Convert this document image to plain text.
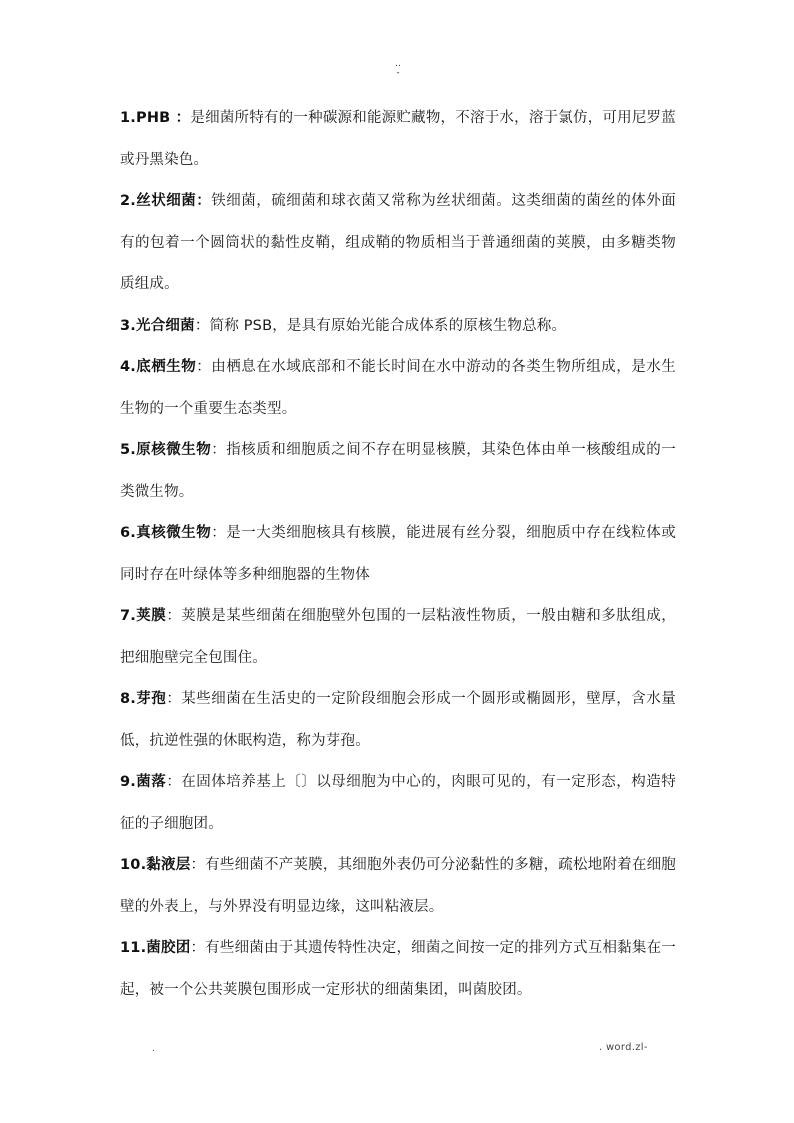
..
-
1.PHB ：是细菌所特有的一种碳源和能源贮藏物，不溶于水，溶于氯仿，可用尼罗蓝或丹黑染色。
2.丝状细菌：铁细菌，硫细菌和球衣菌又常称为丝状细菌。这类细菌的菌丝的体外面有的包着一个圆筒状的黏性皮鞘，组成鞘的物质相当于普通细菌的荚膜，由多糖类物质组成。
3.光合细菌：简称 PSB，是具有原始光能合成体系的原核生物总称。
4.底栖生物：由栖息在水域底部和不能长时间在水中游动的各类生物所组成，是水生生物的一个重要生态类型。
5.原核微生物：指核质和细胞质之间不存在明显核膜，其染色体由单一核酸组成的一类微生物。
6.真核微生物：是一大类细胞核具有核膜，能进展有丝分裂，细胞质中存在线粒体或同时存在叶绿体等多种细胞器的生物体
7.荚膜：荚膜是某些细菌在细胞壁外包围的一层粘液性物质，一般由糖和多肽组成，把细胞壁完全包围住。
8.芽孢：某些细菌在生活史的一定阶段细胞会形成一个圆形或椭圆形，壁厚，含水量低，抗逆性强的休眠构造，称为芽孢。
9.菌落：在固体培养基上〔〕以母细胞为中心的，肉眼可见的，有一定形态，构造特征的子细胞团。
10.黏液层：有些细菌不产荚膜，其细胞外表仍可分泌黏性的多糖，疏松地附着在细胞壁的外表上，与外界没有明显边缘，这叫粘液层。
11.菌胶团：有些细菌由于其遗传特性决定，细菌之间按一定的排列方式互相黏集在一起，被一个公共荚膜包围形成一定形状的细菌集团，叫菌胶团。
.	. word.zl-
